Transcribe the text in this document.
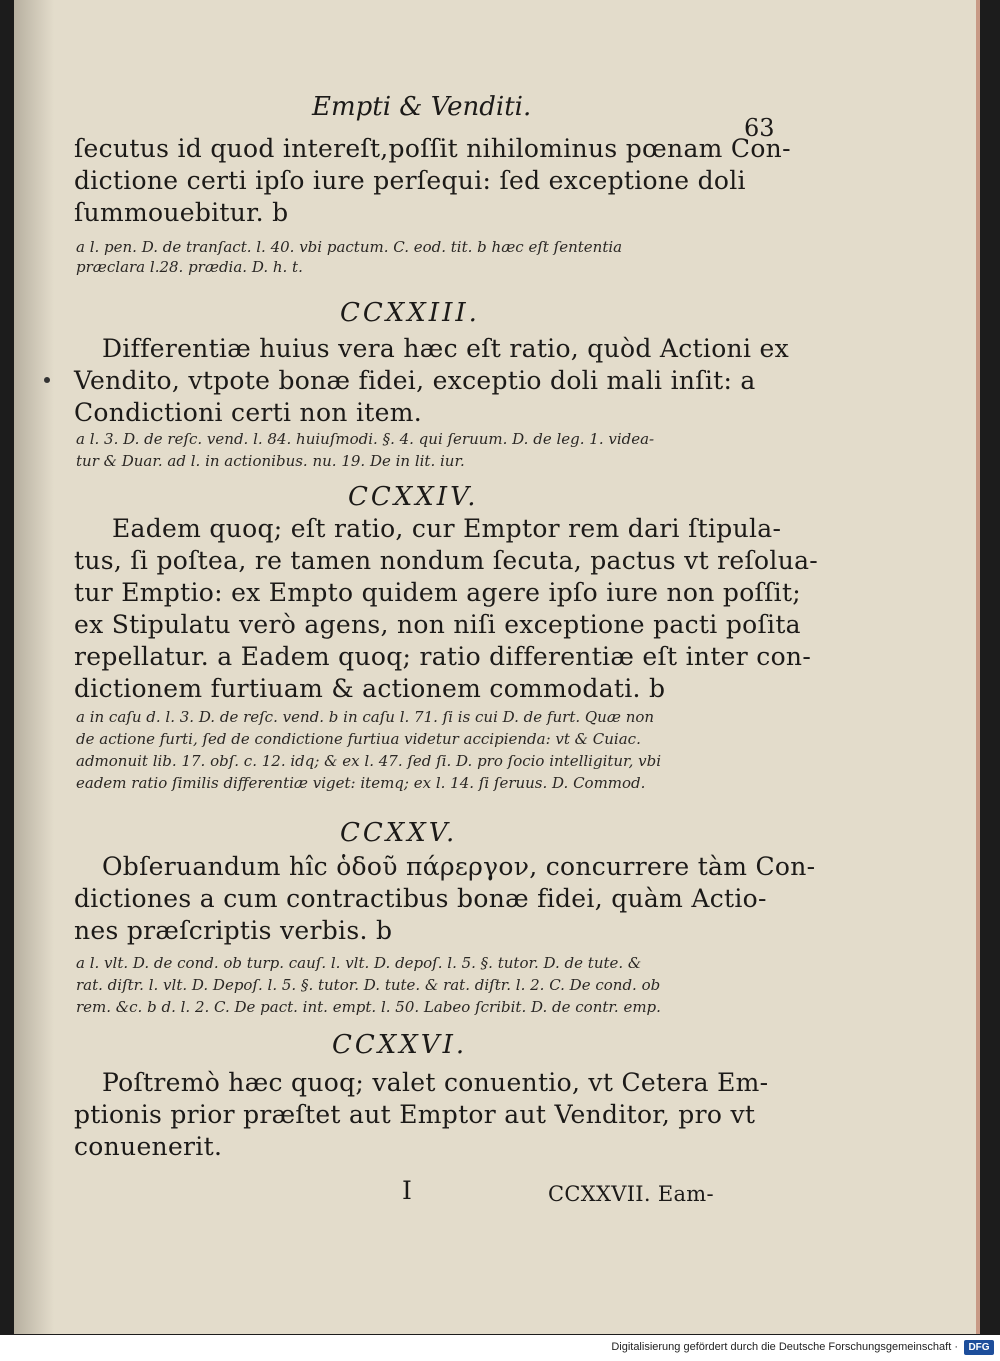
Empti & Venditi.
63
ſecutus id quod intereſt,poſſit nihilominus pœnam Con-
dictione certi ipſo iure perſequi: ſed exceptione doli
ſummouebitur. b
a l. pen. D. de tranſact. l. 40. vbi pactum. C. eod. tit. b hæc eſt ſententia
præclara l.28. prædia. D. h. t.
CCXXIII.
Differentiæ huius vera hæc eſt ratio, quòd Actioni ex
Vendito, vtpote bonæ fidei, exceptio doli mali inſit: a
Condictioni certi non item.
a l. 3. D. de reſc. vend. l. 84. huiuſmodi. §. 4. qui ſeruum. D. de leg. 1. videa-
tur & Duar. ad l. in actionibus. nu. 19. De in lit. iur.
CCXXIV.
Eadem quoq; eſt ratio, cur Emptor rem dari ſtipula-
tus, ſi poſtea, re tamen nondum ſecuta, pactus vt reſolua-
tur Emptio: ex Empto quidem agere ipſo iure non poſſit;
ex Stipulatu verò agens, non niſi exceptione pacti poſita
repellatur. a Eadem quoq; ratio differentiæ eſt inter con-
dictionem furtiuam & actionem commodati. b
a in caſu d. l. 3. D. de reſc. vend. b in caſu l. 71. ſi is cui D. de furt. Quæ non
de actione furti, ſed de condictione furtiua videtur accipienda: vt & Cuiac.
admonuit lib. 17. obſ. c. 12. idq; & ex l. 47. ſed ſi. D. pro ſocio intelligitur, vbi
eadem ratio ſimilis differentiæ viget: itemq; ex l. 14. ſi ſeruus. D. Commod.
CCXXV.
Obſeruandum hîc ὁδοῦ πάρεργον, concurrere tàm Con-
dictiones a cum contractibus bonæ fidei, quàm Actio-
nes præſcriptis verbis. b
a l. vlt. D. de cond. ob turp. cauſ. l. vlt. D. depoſ. l. 5. §. tutor. D. de tute. &
rat. diſtr. l. vlt. D. Depoſ. l. 5. §. tutor. D. tute. & rat. diſtr. l. 2. C. De cond. ob
rem. &c. b d. l. 2. C. De pact. int. empt. l. 50. Labeo ſcribit. D. de contr. emp.
CCXXVI.
Poſtremò hæc quoq; valet conuentio, vt Cetera Em-
ptionis prior præſtet aut Emptor aut Venditor, pro vt
conuenerit.
I	CCXXVII. Eam-
Digitalisierung gefördert durch die Deutsche Forschungsgemeinschaft ·	DFG
